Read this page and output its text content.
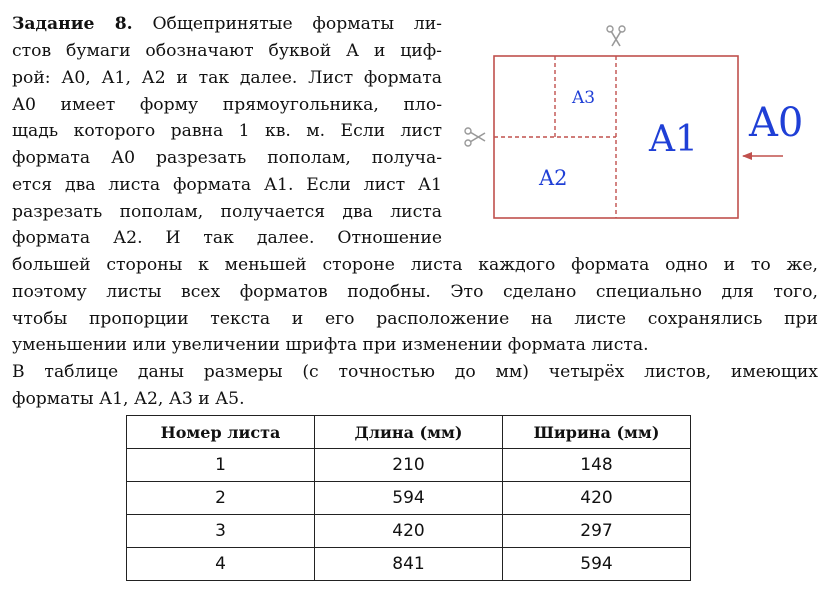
Задание 8. Общепринятые форматы ли-
стов бумаги обозначают буквой А и циф-
рой: А0, А1, А2 и так далее. Лист формата
А0 имеет форму прямоугольника, пло-
щадь которого равна 1 кв. м. Если лист
формата А0 разрезать пополам, получа-
ется два листа формата А1. Если лист А1
разрезать пополам, получается два листа
формата А2. И так далее. Отношение
большей стороны к меньшей стороне листа каждого формата одно и то же,
поэтому листы всех форматов подобны. Это сделано специально для того,
чтобы пропорции текста и его расположение на листе сохранялись при
уменьшении или увеличении шрифта при изменении формата листа.
В таблице даны размеры (с точностью до мм) четырёх листов, имеющих
форматы А1, А2, А3 и А5.
A3
A2
A1 A0
Номер листа	Длина (мм)	Ширина (мм)
1	210	148
2	594	420
3	420	297
4	841	594
